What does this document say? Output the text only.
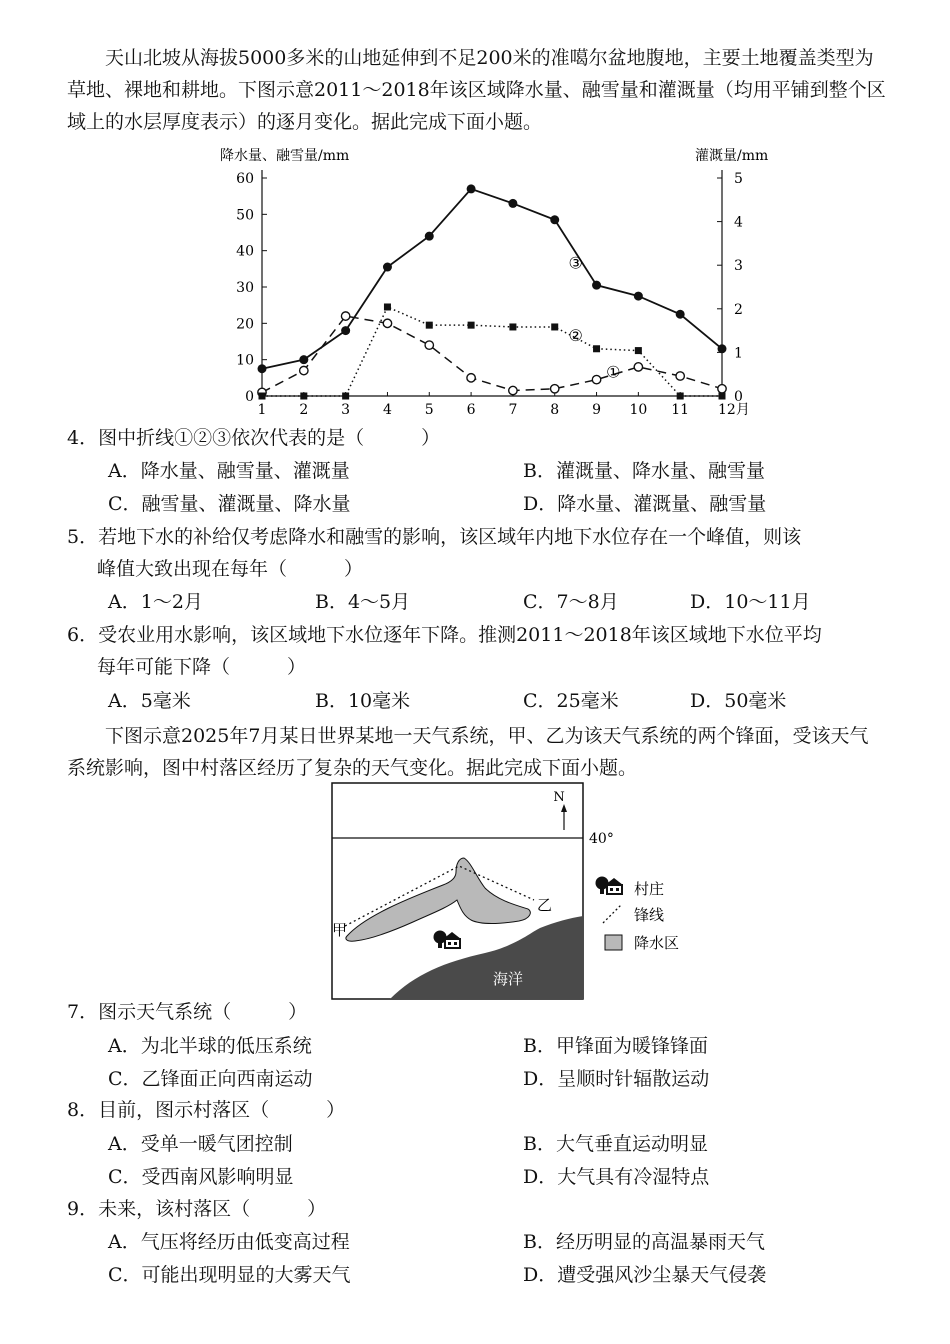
天山北坡从海拔5000多米的山地延伸到不足200米的准噶尔盆地腹地，主要土地覆盖类型为草地、裸地和耕地。下图示意2011～2018年该区域降水量、融雪量和灌溉量（均用平铺到整个区域上的水层厚度表示）的逐月变化。据此完成下面小题。
降水量、融雪量/mm	灌溉量/mm
0
10
20
30
40
50
60
0
1
2
3
4
5
1 2 3 4 5 6 7 8 9 10 11 12月
①
②
③
4．图中折线①②③依次代表的是（　　　）
A．降水量、融雪量、灌溉量	B．灌溉量、降水量、融雪量
C．融雪量、灌溉量、降水量	D．降水量、灌溉量、融雪量
5．若地下水的补给仅考虑降水和融雪的影响，该区域年内地下水位存在一个峰值，则该
峰值大致出现在每年（　　　）
A．1～2月	B．4～5月	C．7～8月	D．10～11月
6．受农业用水影响，该区域地下水位逐年下降。推测2011～2018年该区域地下水位平均
每年可能下降（　　　）
A．5毫米	B．10毫米	C．25毫米	D．50毫米
下图示意2025年7月某日世界某地一天气系统，甲、乙为该天气系统的两个锋面，受该天气系统影响，图中村落区经历了复杂的天气变化。据此完成下面小题。
40°
N
海洋
甲
乙
村庄
锋线
降水区
7．图示天气系统（　　　）
A．为北半球的低压系统	B．甲锋面为暖锋锋面
C．乙锋面正向西南运动	D．呈顺时针辐散运动
8．目前，图示村落区（　　　）
A．受单一暖气团控制	B．大气垂直运动明显
C．受西南风影响明显	D．大气具有冷湿特点
9．未来，该村落区（　　　）
A．气压将经历由低变高过程	B．经历明显的高温暴雨天气
C．可能出现明显的大雾天气	D．遭受强风沙尘暴天气侵袭
